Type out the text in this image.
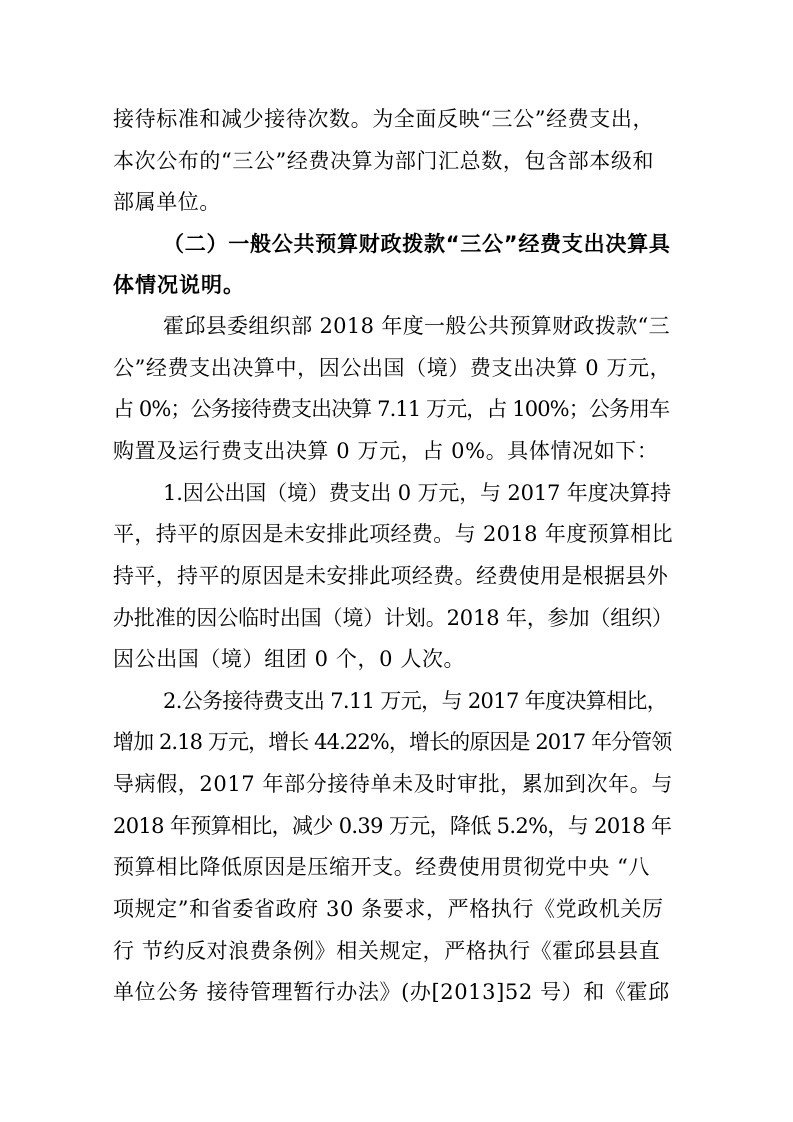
接待标准和减少接待次数。为全面反映“三公”经费支出，
本次公布的“三公”经费决算为部门汇总数，包含部本级和
部属单位。
（二）一般公共预算财政拨款“三公”经费支出决算具
体情况说明。
霍邱县委组织部 2018 年度一般公共预算财政拨款“三
公”经费支出决算中，因公出国（境）费支出决算 0 万元，
占 0%；公务接待费支出决算 7.11 万元，占 100%；公务用车
购置及运行费支出决算 0 万元，占 0%。具体情况如下：
1.因公出国（境）费支出 0 万元，与 2017 年度决算持
平，持平的原因是未安排此项经费。与 2018 年度预算相比
持平，持平的原因是未安排此项经费。经费使用是根据县外
办批准的因公临时出国（境）计划。2018 年，参加（组织）
因公出国（境）组团 0 个，0 人次。
2.公务接待费支出 7.11 万元，与 2017 年度决算相比，
增加 2.18 万元，增长 44.22%，增长的原因是 2017 年分管领
导病假，2017 年部分接待单未及时审批，累加到次年。与
2018 年预算相比，减少 0.39 万元，降低 5.2%，与 2018 年
预算相比降低原因是压缩开支。经费使用贯彻党中央 “八
项规定”和省委省政府 30 条要求，严格执行《党政机关厉
行 节约反对浪费条例》相关规定，严格执行《霍邱县县直
单位公务 接待管理暂行办法》(办[2013]52 号）和《霍邱
